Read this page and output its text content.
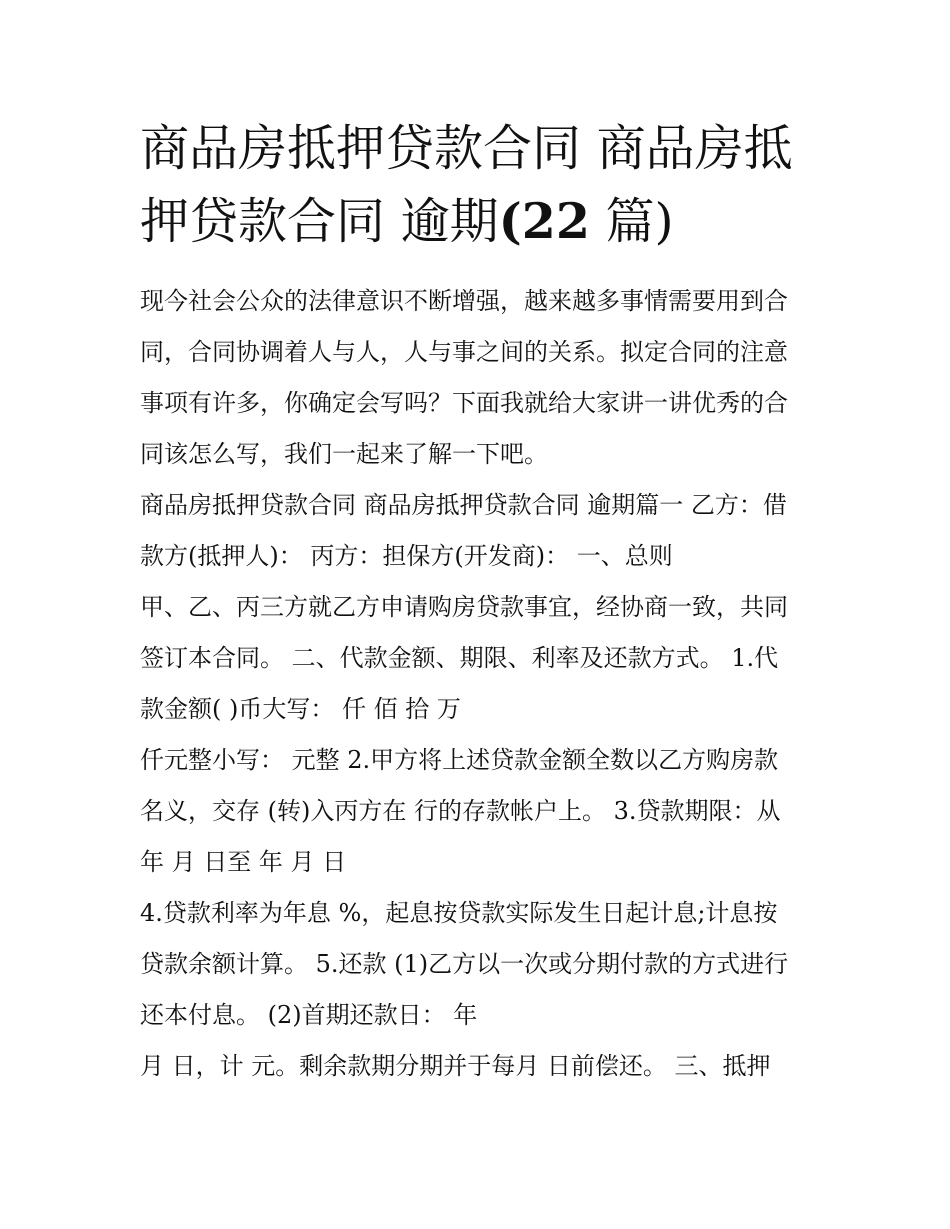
商品房抵押贷款合同 商品房抵
押贷款合同 逾期(22 篇)

现今社会公众的法律意识不断增强，越来越多事情需要用到合

同，合同协调着人与人，人与事之间的关系。拟定合同的注意

事项有许多，你确定会写吗？下面我就给大家讲一讲优秀的合

同该怎么写，我们一起来了解一下吧。

商品房抵押贷款合同 商品房抵押贷款合同 逾期篇一 乙方：借

款方(抵押人)： 丙方：担保方(开发商)： 一、总则

甲、乙、丙三方就乙方申请购房贷款事宜，经协商一致，共同

签订本合同。 二、代款金额、期限、利率及还款方式。 1.代

款金额( )币大写： 仟 佰 拾 万

仟元整小写： 元整 2.甲方将上述贷款金额全数以乙方购房款

名义，交存 (转)入丙方在 行的存款帐户上。 3.贷款期限：从

年 月 日至 年 月 日

4.贷款利率为年息 %，起息按贷款实际发生日起计息;计息按

贷款余额计算。 5.还款 (1)乙方以一次或分期付款的方式进行

还本付息。 (2)首期还款日： 年

月 日，计 元。剩余款期分期并于每月 日前偿还。 三、抵押
